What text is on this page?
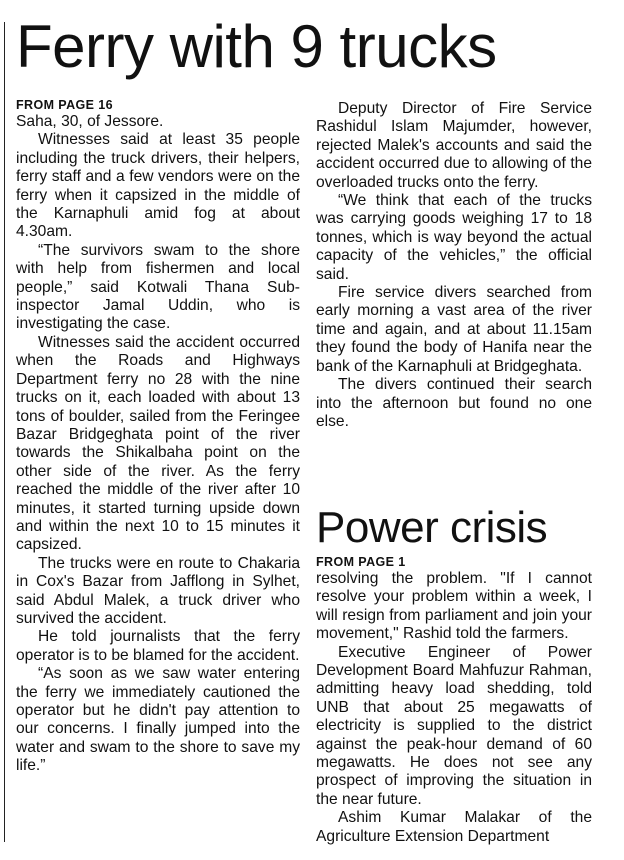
Ferry with 9 trucks

FROM PAGE 16

Saha, 30, of Jessore.

Witnesses said at least 35 people including the truck drivers, their helpers, ferry staff and a few vendors were on the ferry when it capsized in the middle of the Karnaphuli amid fog at about 4.30am.

“The survivors swam to the shore with help from fishermen and local people,” said Kotwali Thana Sub-inspector Jamal Uddin, who is investigating the case.

Witnesses said the accident occurred when the Roads and Highways Department ferry no 28 with the nine trucks on it, each loaded with about 13 tons of boulder, sailed from the Feringee Bazar Bridgeghata point of the river towards the Shikalbaha point on the other side of the river. As the ferry reached the middle of the river after 10 minutes, it started turning upside down and within the next 10 to 15 minutes it capsized.

The trucks were en route to Chakaria in Cox's Bazar from Jafflong in Sylhet, said Abdul Malek, a truck driver who survived the accident.

He told journalists that the ferry operator is to be blamed for the accident.

“As soon as we saw water entering the ferry we immediately cautioned the operator but he didn't pay attention to our concerns. I finally jumped into the water and swam to the shore to save my life.”

Deputy Director of Fire Service Rashidul Islam Majumder, however, rejected Malek's accounts and said the accident occurred due to allowing of the overloaded trucks onto the ferry.

“We think that each of the trucks was carrying goods weighing 17 to 18 tonnes, which is way beyond the actual capacity of the vehicles,” the official said.

Fire service divers searched from early morning a vast area of the river time and again, and at about 11.15am they found the body of Hanifa near the bank of the Karnaphuli at Bridgeghata.

The divers continued their search into the afternoon but found no one else.

Power crisis

FROM PAGE 1

resolving the problem. "If I cannot resolve your problem within a week, I will resign from parliament and join your movement," Rashid told the farmers.

Executive Engineer of Power Development Board Mahfuzur Rahman, admitting heavy load shedding, told UNB that about 25 megawatts of electricity is supplied to the district against the peak-hour demand of 60 megawatts. He does not see any prospect of improving the situation in the near future.

Ashim Kumar Malakar of the Agriculture Extension Department
